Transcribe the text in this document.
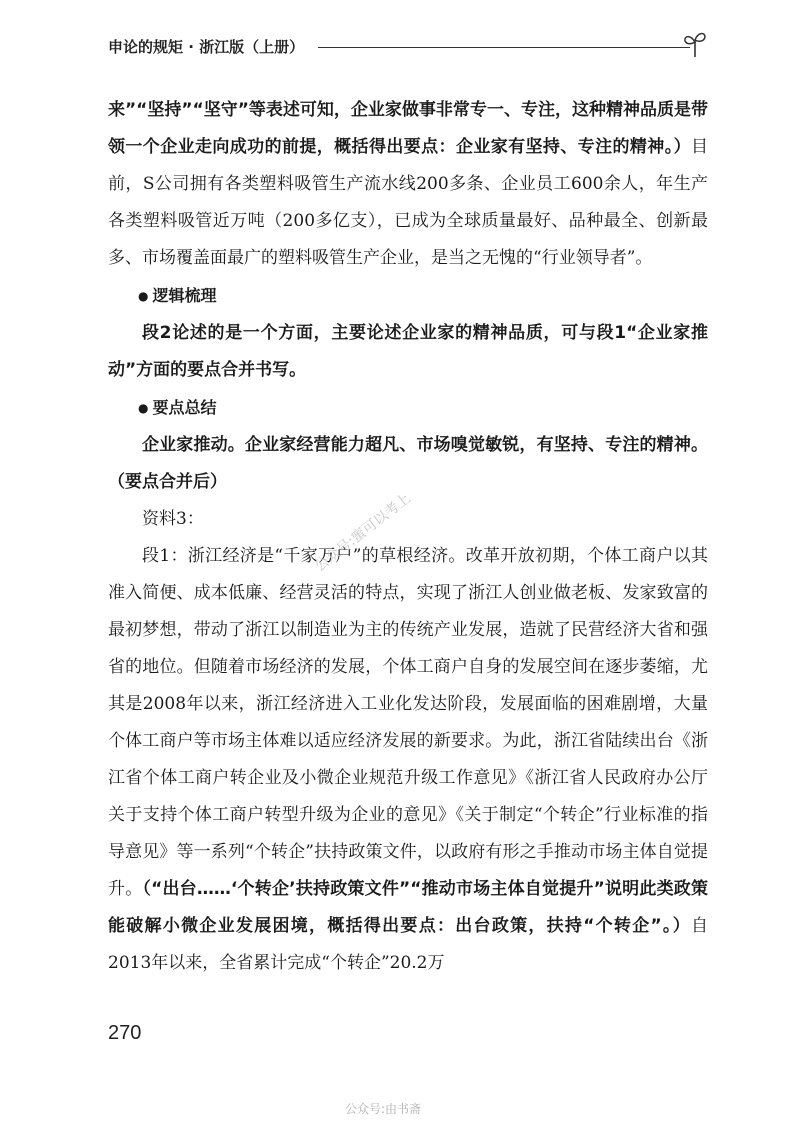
申论的规矩 · 浙江版（上册）

来”“坚持”“坚守”等表述可知，企业家做事非常专一、专注，这种精神品质是带领一个企业走向成功的前提，概括得出要点：企业家有坚持、专注的精神。）目前，S公司拥有各类塑料吸管生产流水线200多条、企业员工600余人，年生产各类塑料吸管近万吨（200多亿支），已成为全球质量最好、品种最全、创新最多、市场覆盖面最广的塑料吸管生产企业，是当之无愧的“行业领导者”。

● 逻辑梳理

段2论述的是一个方面，主要论述企业家的精神品质，可与段1“企业家推动”方面的要点合并书写。

● 要点总结

企业家推动。企业家经营能力超凡、市场嗅觉敏锐，有坚持、专注的精神。（要点合并后）

资料3：

段1：浙江经济是“千家万户”的草根经济。改革开放初期，个体工商户以其准入简便、成本低廉、经营灵活的特点，实现了浙江人创业做老板、发家致富的最初梦想，带动了浙江以制造业为主的传统产业发展，造就了民营经济大省和强省的地位。但随着市场经济的发展，个体工商户自身的发展空间在逐步萎缩，尤其是2008年以来，浙江经济进入工业化发达阶段，发展面临的困难剧增，大量个体工商户等市场主体难以适应经济发展的新要求。为此，浙江省陆续出台《浙江省个体工商户转企业及小微企业规范升级工作意见》《浙江省人民政府办公厅关于支持个体工商户转型升级为企业的意见》《关于制定“个转企”行业标准的指导意见》等一系列“个转企”扶持政策文件，以政府有形之手推动市场主体自觉提升。（“出台……‘个转企’扶持政策文件”“推动市场主体自觉提升”说明此类政策能破解小微企业发展困境，概括得出要点：出台政策，扶持“个转企”。）自2013年以来，全省累计完成“个转企”20.2万

公众号:蜜可以考上
270
公众号:由书斋
